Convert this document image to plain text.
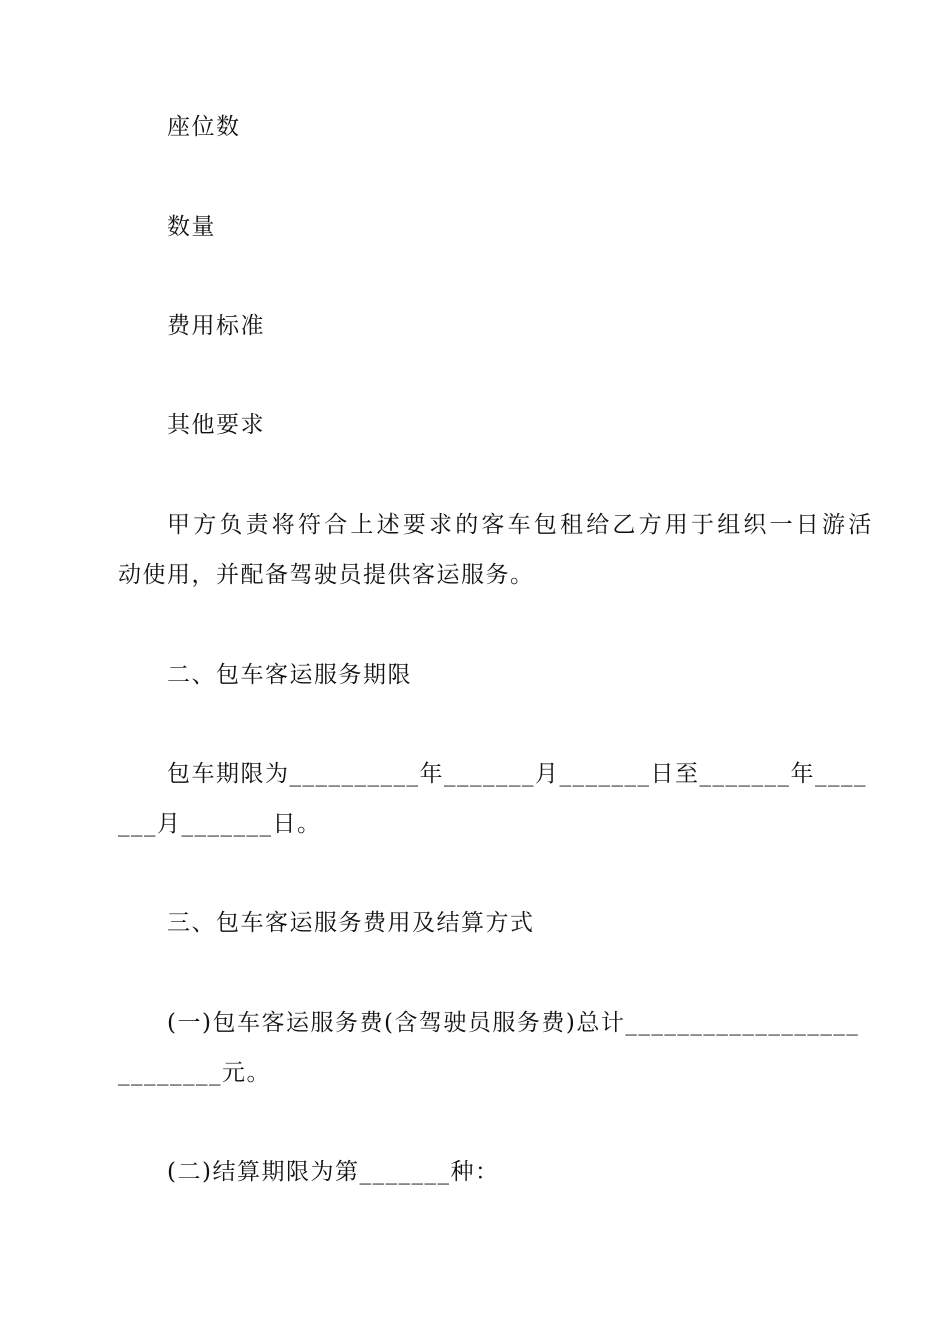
座位数
数量
费用标准
其他要求
甲方负责将符合上述要求的客车包租给乙方用于组织一日游活
动使用，并配备驾驶员提供客运服务。
二、包车客运服务期限
包车期限为__________年_______月_______日至_______年____
___月_______日。
三、包车客运服务费用及结算方式
(一)包车客运服务费(含驾驶员服务费)总计__________________
________元。
(二)结算期限为第_______种：
